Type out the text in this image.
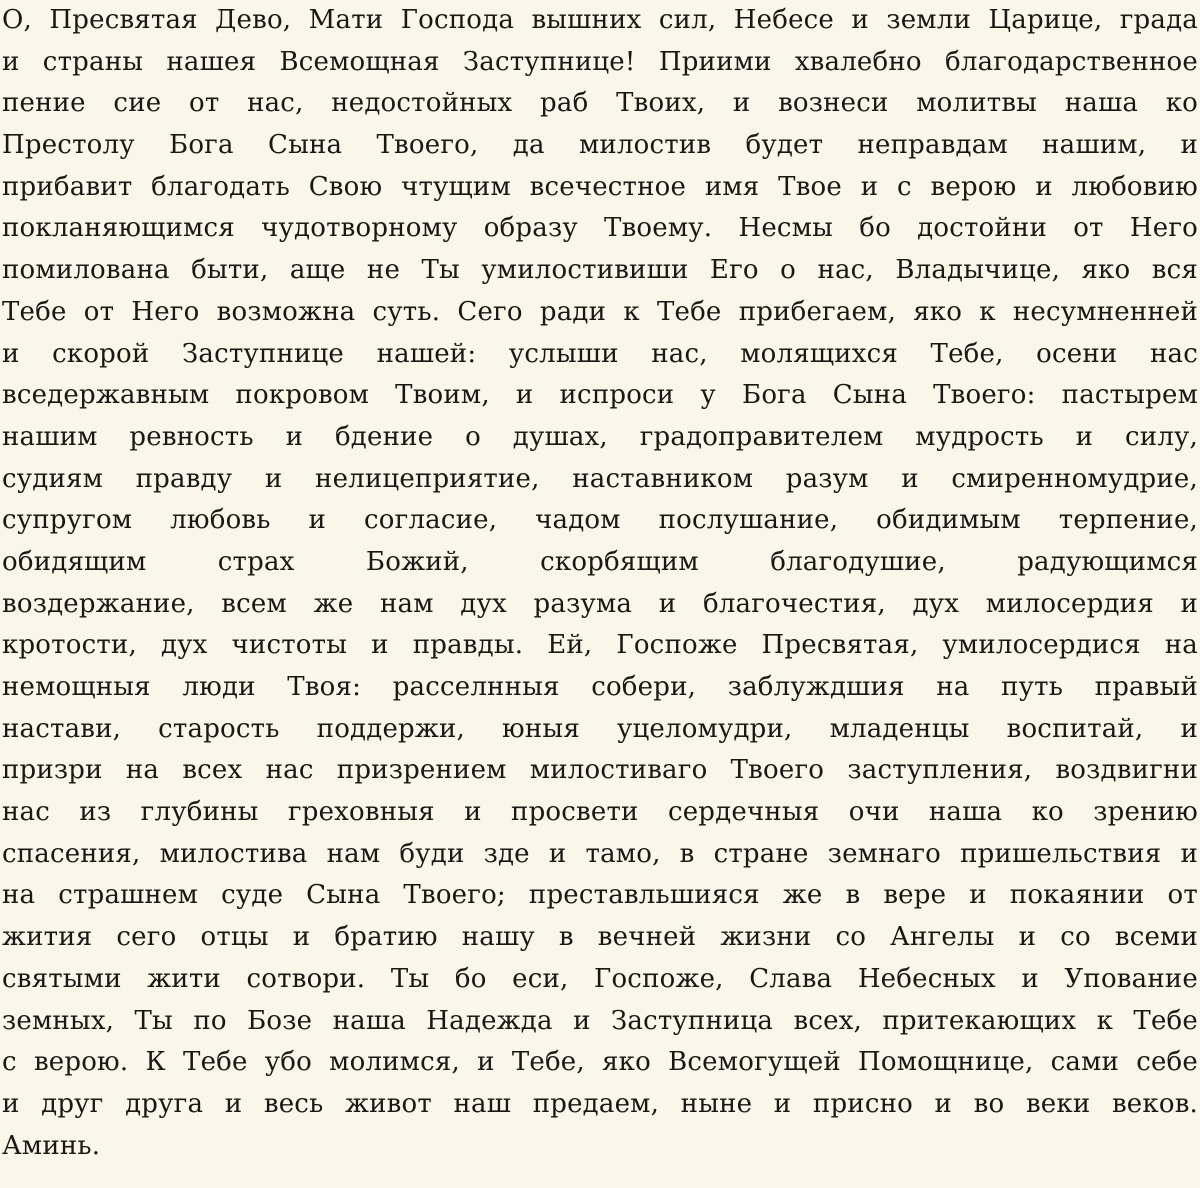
О, Пресвятая Дево, Мати Господа вышних сил, Небесе и земли Царице, града
и страны нашея Всемощная Заступнице! Приими хвалебно благодарственное
пение сие от нас, недостойных раб Твоих, и вознеси молитвы наша ко
Престолу Бога Сына Твоего, да милостив будет неправдам нашим, и
прибавит благодать Свою чтущим всечестное имя Твое и с верою и любовию
покланяющимся чудотворному образу Твоему. Несмы бо достойни от Него
помилована быти, аще не Ты умилостивиши Его о нас, Владычице, яко вся
Тебе от Него возможна суть. Сего ради к Тебе прибегаем, яко к несумненней
и скорой Заступнице нашей: услыши нас, молящихся Тебе, осени нас
вседержавным покровом Твоим, и испроси у Бога Сына Твоего: пастырем
нашим ревность и бдение о душах, градоправителем мудрость и силу,
судиям правду и нелицеприятие, наставником разум и смиренномудрие,
супругом любовь и согласие, чадом послушание, обидимым терпение,
обидящим страх Божий, скорбящим благодушие, радующимся
воздержание, всем же нам дух разума и благочестия, дух милосердия и
кротости, дух чистоты и правды. Ей, Госпоже Пресвятая, умилосердися на
немощныя люди Твоя: расселнныя собери, заблуждшия на путь правый
настави, старость поддержи, юныя уцеломудри, младенцы воспитай, и
призри на всех нас призрением милостиваго Твоего заступления, воздвигни
нас из глубины греховныя и просвети сердечныя очи наша ко зрению
спасения, милостива нам буди зде и тамо, в стране земнаго пришельствия и
на страшнем суде Сына Твоего; преставльшияся же в вере и покаянии от
жития сего отцы и братию нашу в вечней жизни со Ангелы и со всеми
святыми жити сотвори. Ты бо еси, Госпоже, Слава Небесных и Упование
земных, Ты по Бозе наша Надежда и Заступница всех, притекающих к Тебе
с верою. К Тебе убо молимся, и Тебе, яко Всемогущей Помощнице, сами себе
и друг друга и весь живот наш предаем, ныне и присно и во веки веков.
Аминь.
